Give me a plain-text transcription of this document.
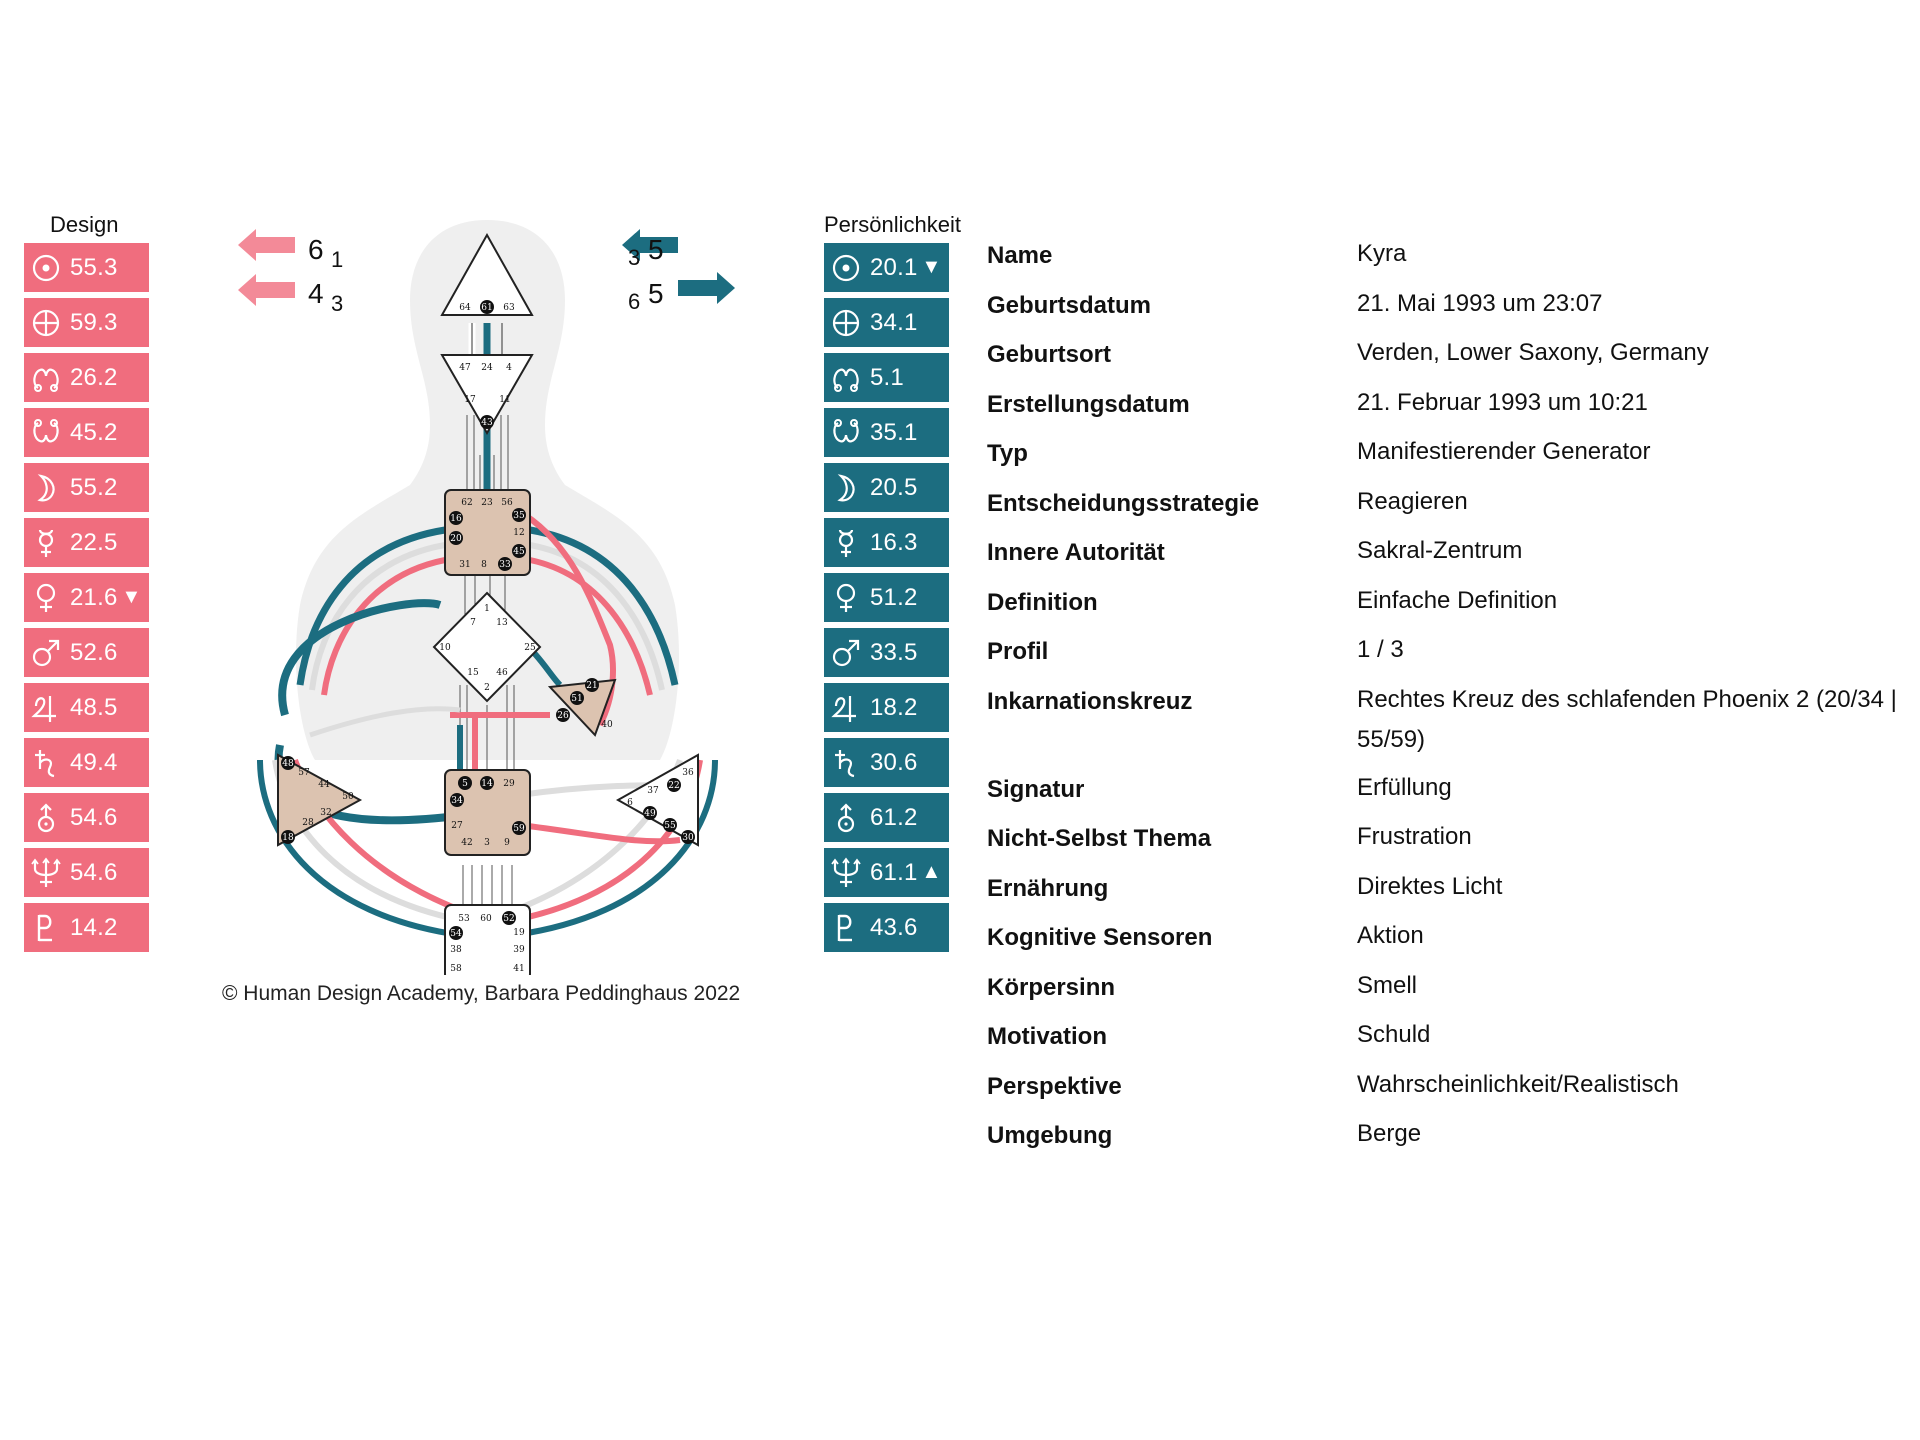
Design	Persönlichkeit
55.3
59.3
26.2
45.2
55.2
22.5
21.6 ▼
52.6
48.5
49.4
54.6
54.6
14.2
20.1 ▼
34.1
5.1
35.1
20.5
16.3
51.2
33.5
18.2
30.6
61.2
61.1 ▲
43.6
6 1
4 3
3 5
6 5
64 61 63
47 24 4
17	11
43
62 23 56
16	35
12
20
45
31 8 33
1
7 13
10	25
15 46
2	21
51
26
40
48
57
44
50
32
28
18
5 14 29
34
27	59
42 3 9
36
22
37
6
49
55
30
53 60 52
54	19
38	39
58	41
© Human Design Academy, Barbara Peddinghaus 2022
Name	Kyra
Geburtsdatum	21. Mai 1993 um 23:07
Geburtsort	Verden, Lower Saxony, Germany
Erstellungsdatum	21. Februar 1993 um 10:21
Typ	Manifestierender Generator
Entscheidungsstrategie	Reagieren
Innere Autorität	Sakral-Zentrum
Definition	Einfache Definition
Profil	1 / 3
Inkarnationskreuz	Rechtes Kreuz des schlafenden Phoenix 2 (20/34 | 55/59)
Signatur	Erfüllung
Nicht-Selbst Thema	Frustration
Ernährung	Direktes Licht
Kognitive Sensoren	Aktion
Körpersinn	Smell
Motivation	Schuld
Perspektive	Wahrscheinlichkeit/Realistisch
Umgebung	Berge
